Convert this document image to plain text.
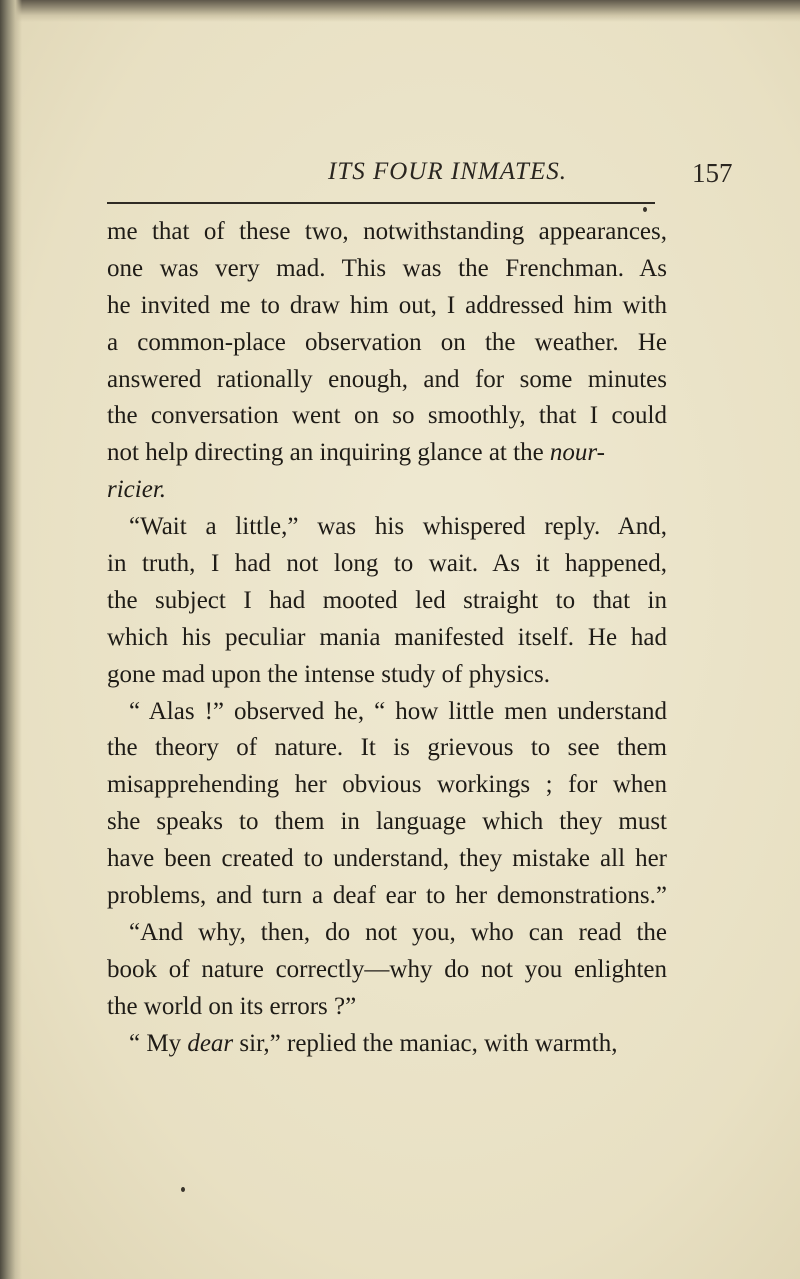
ITS FOUR INMATES.	157
me that of these two, notwithstanding appearances,
one was very mad. This was the Frenchman. As
he invited me to draw him out, I addressed him with
a common-place observation on the weather. He
answered rationally enough, and for some minutes
the conversation went on so smoothly, that I could
not help directing an inquiring glance at the nour-
ricier.
“Wait a little,” was his whispered reply. And,
in truth, I had not long to wait. As it happened,
the subject I had mooted led straight to that in
which his peculiar mania manifested itself. He had
gone mad upon the intense study of physics.
“ Alas !” observed he, “ how little men understand
the theory of nature. It is grievous to see them
misapprehending her obvious workings ; for when
she speaks to them in language which they must
have been created to understand, they mistake all her
problems, and turn a deaf ear to her demonstrations.”
“And why, then, do not you, who can read the
book of nature correctly—why do not you enlighten
the world on its errors ?”
“ My dear sir,” replied the maniac, with warmth,
